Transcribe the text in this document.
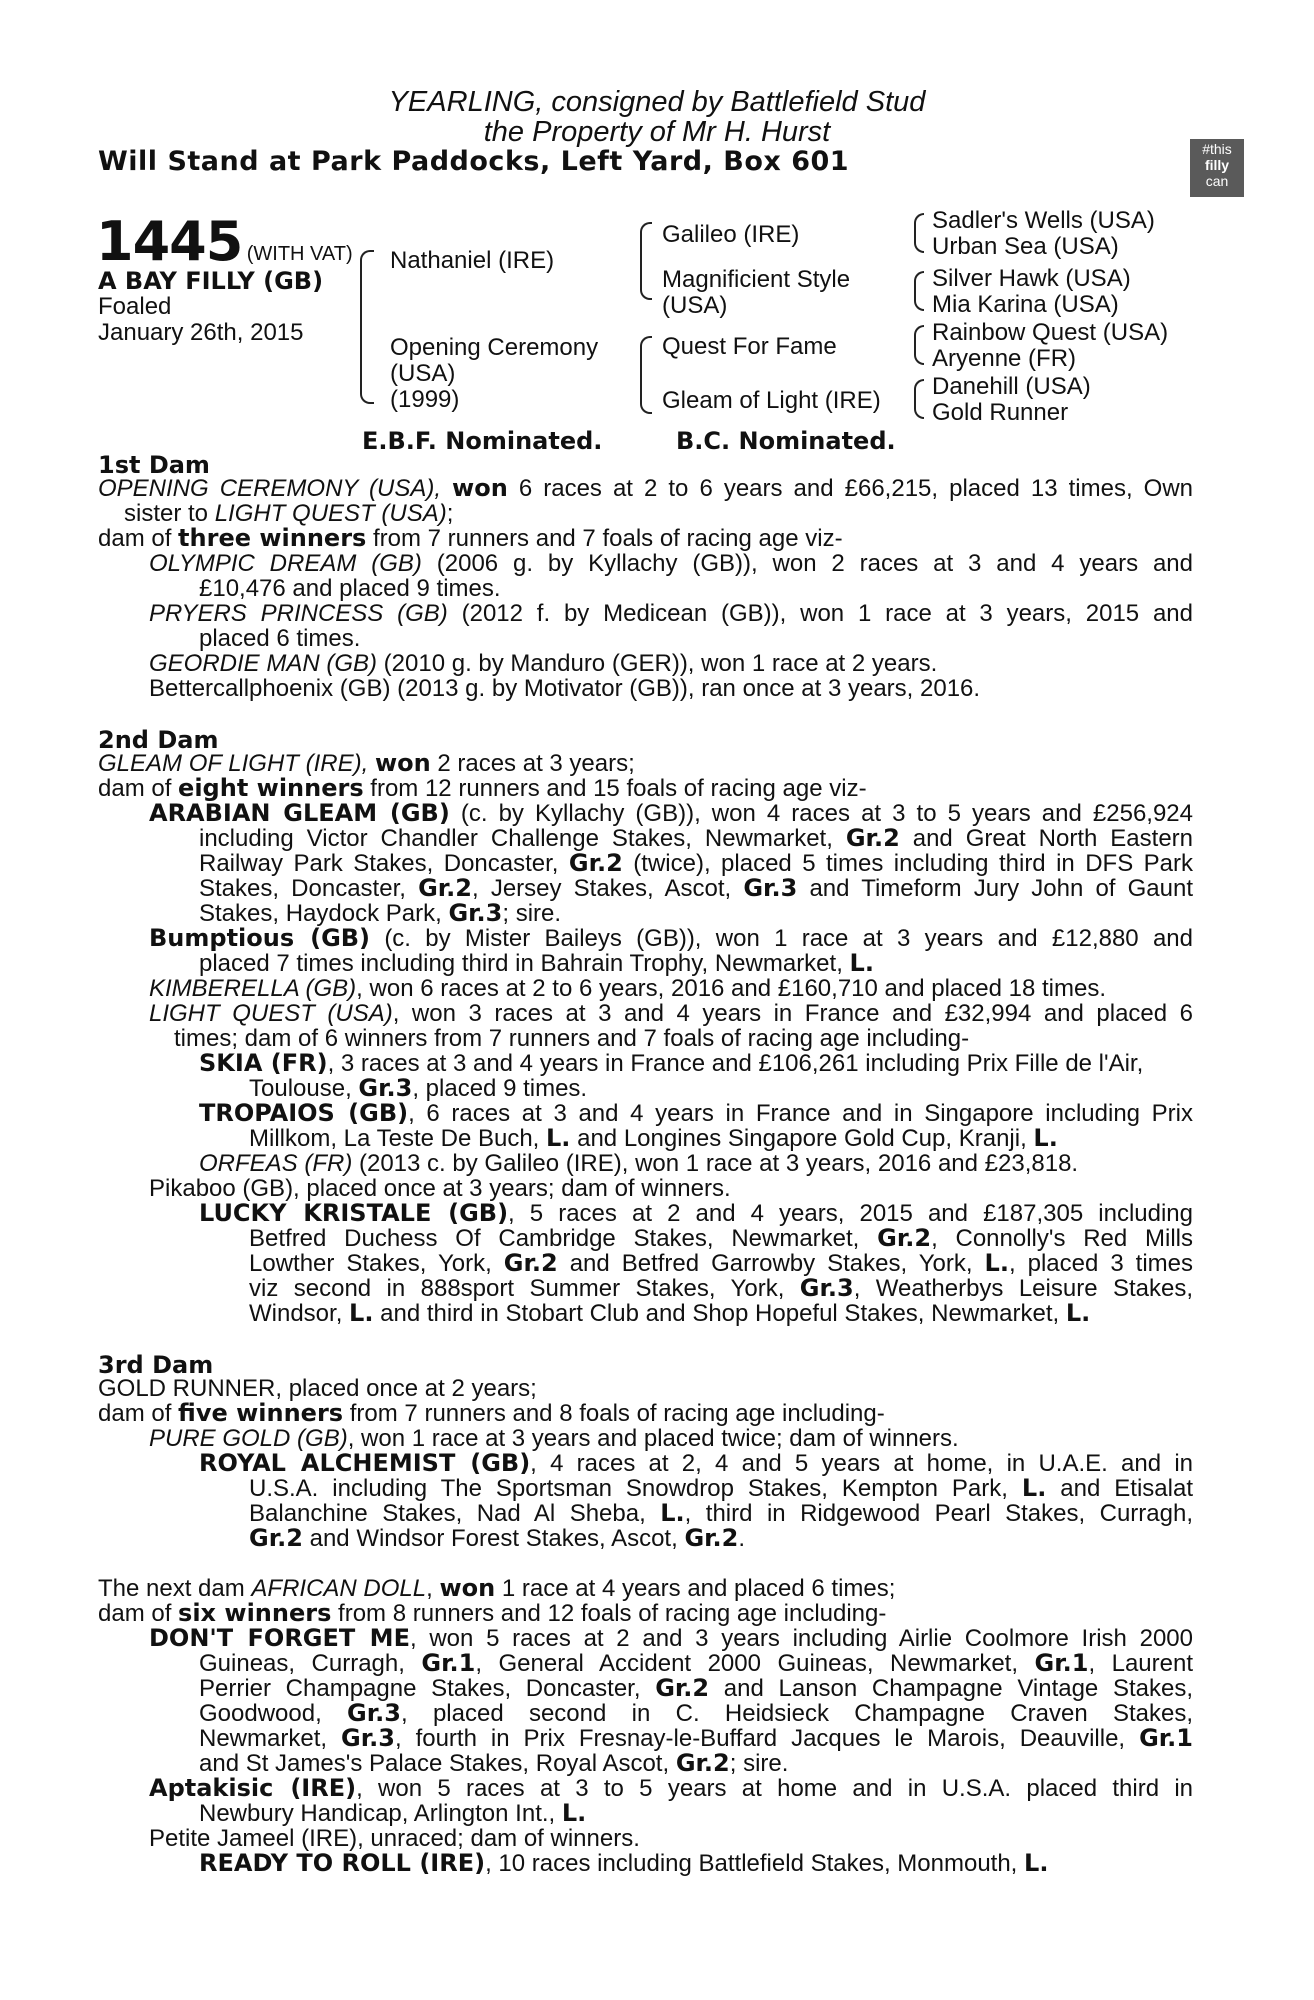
YEARLING, consigned by Battlefield Stud
the Property of Mr H. Hurst
Will Stand at Park Paddocks, Left Yard, Box 601	#this
filly
can
1445 (WITH VAT)
A BAY FILLY (GB)
Foaled
January 26th, 2015
Nathaniel (IRE)
Opening Ceremony
(USA)
(1999)
Galileo (IRE)
Magnificient Style
(USA)
Quest For Fame
Gleam of Light (IRE)
Sadler's Wells (USA)
Urban Sea (USA)
Silver Hawk (USA)
Mia Karina (USA)
Rainbow Quest (USA)
Aryenne (FR)
Danehill (USA)
Gold Runner
E.B.F. Nominated.	B.C. Nominated.
1st Dam
OPENING CEREMONY (USA), won 6 races at 2 to 6 years and £66,215, placed 13 times, Own
sister to LIGHT QUEST (USA);
dam of three winners from 7 runners and 7 foals of racing age viz-
OLYMPIC DREAM (GB) (2006 g. by Kyllachy (GB)), won 2 races at 3 and 4 years and
£10,476 and placed 9 times.
PRYERS PRINCESS (GB) (2012 f. by Medicean (GB)), won 1 race at 3 years, 2015 and
placed 6 times.
GEORDIE MAN (GB) (2010 g. by Manduro (GER)), won 1 race at 2 years.
Bettercallphoenix (GB) (2013 g. by Motivator (GB)), ran once at 3 years, 2016.
2nd Dam
GLEAM OF LIGHT (IRE), won 2 races at 3 years;
dam of eight winners from 12 runners and 15 foals of racing age viz-
ARABIAN GLEAM (GB) (c. by Kyllachy (GB)), won 4 races at 3 to 5 years and £256,924
including Victor Chandler Challenge Stakes, Newmarket, Gr.2 and Great North Eastern
Railway Park Stakes, Doncaster, Gr.2 (twice), placed 5 times including third in DFS Park
Stakes, Doncaster, Gr.2, Jersey Stakes, Ascot, Gr.3 and Timeform Jury John of Gaunt
Stakes, Haydock Park, Gr.3; sire.
Bumptious (GB) (c. by Mister Baileys (GB)), won 1 race at 3 years and £12,880 and
placed 7 times including third in Bahrain Trophy, Newmarket, L.
KIMBERELLA (GB), won 6 races at 2 to 6 years, 2016 and £160,710 and placed 18 times.
LIGHT QUEST (USA), won 3 races at 3 and 4 years in France and £32,994 and placed 6
times; dam of 6 winners from 7 runners and 7 foals of racing age including-
SKIA (FR), 3 races at 3 and 4 years in France and £106,261 including Prix Fille de l'Air,
Toulouse, Gr.3, placed 9 times.
TROPAIOS (GB), 6 races at 3 and 4 years in France and in Singapore including Prix
Millkom, La Teste De Buch, L. and Longines Singapore Gold Cup, Kranji, L.
ORFEAS (FR) (2013 c. by Galileo (IRE), won 1 race at 3 years, 2016 and £23,818.
Pikaboo (GB), placed once at 3 years; dam of winners.
LUCKY KRISTALE (GB), 5 races at 2 and 4 years, 2015 and £187,305 including
Betfred Duchess Of Cambridge Stakes, Newmarket, Gr.2, Connolly's Red Mills
Lowther Stakes, York, Gr.2 and Betfred Garrowby Stakes, York, L., placed 3 times
viz second in 888sport Summer Stakes, York, Gr.3, Weatherbys Leisure Stakes,
Windsor, L. and third in Stobart Club and Shop Hopeful Stakes, Newmarket, L.
3rd Dam
GOLD RUNNER, placed once at 2 years;
dam of five winners from 7 runners and 8 foals of racing age including-
PURE GOLD (GB), won 1 race at 3 years and placed twice; dam of winners.
ROYAL ALCHEMIST (GB), 4 races at 2, 4 and 5 years at home, in U.A.E. and in
U.S.A. including The Sportsman Snowdrop Stakes, Kempton Park, L. and Etisalat
Balanchine Stakes, Nad Al Sheba, L., third in Ridgewood Pearl Stakes, Curragh,
Gr.2 and Windsor Forest Stakes, Ascot, Gr.2.
The next dam AFRICAN DOLL, won 1 race at 4 years and placed 6 times;
dam of six winners from 8 runners and 12 foals of racing age including-
DON'T FORGET ME, won 5 races at 2 and 3 years including Airlie Coolmore Irish 2000
Guineas, Curragh, Gr.1, General Accident 2000 Guineas, Newmarket, Gr.1, Laurent
Perrier Champagne Stakes, Doncaster, Gr.2 and Lanson Champagne Vintage Stakes,
Goodwood, Gr.3, placed second in C. Heidsieck Champagne Craven Stakes,
Newmarket, Gr.3, fourth in Prix Fresnay-le-Buffard Jacques le Marois, Deauville, Gr.1
and St James's Palace Stakes, Royal Ascot, Gr.2; sire.
Aptakisic (IRE), won 5 races at 3 to 5 years at home and in U.S.A. placed third in
Newbury Handicap, Arlington Int., L.
Petite Jameel (IRE), unraced; dam of winners.
READY TO ROLL (IRE), 10 races including Battlefield Stakes, Monmouth, L.
